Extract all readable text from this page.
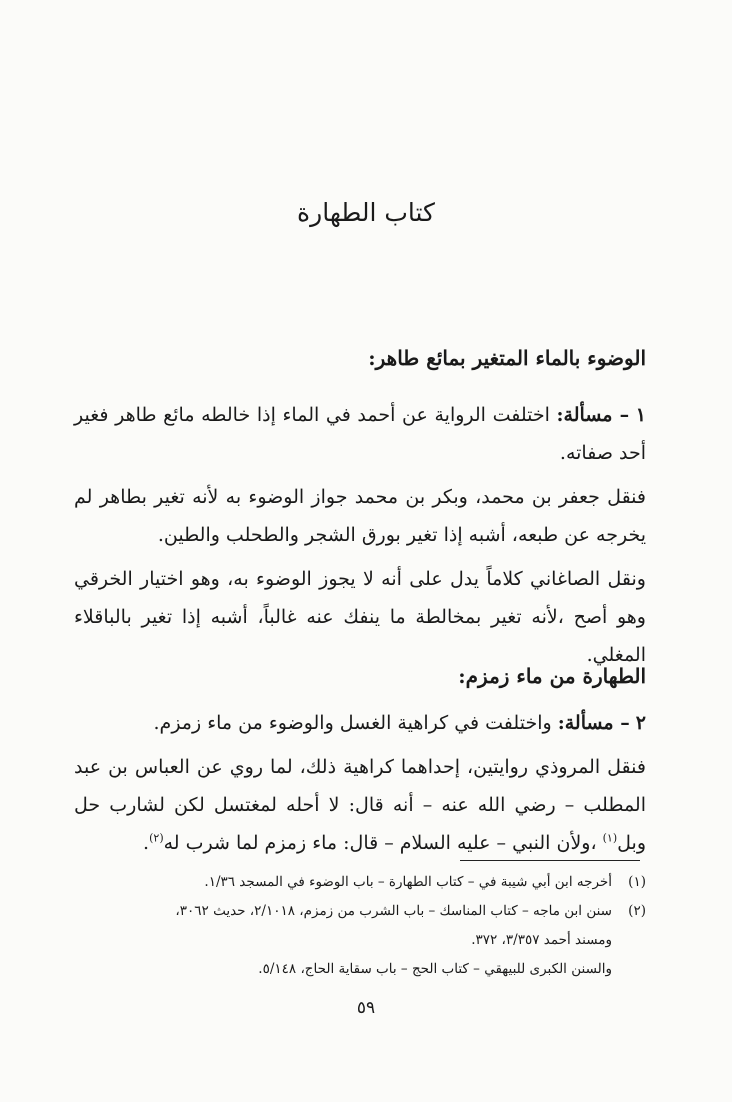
كتاب الطهارة
الوضوء بالماء المتغير بمائع طاهر:

١ – مسألة: اختلفت الرواية عن أحمد في الماء إذا خالطه مائع طاهر فغير أحد صفاته.

فنقل جعفر بن محمد، وبكر بن محمد جواز الوضوء به لأنه تغير بطاهر لم يخرجه عن طبعه، أشبه إذا تغير بورق الشجر والطحلب والطين.

ونقل الصاغاني كلاماً يدل على أنه لا يجوز الوضوء به، وهو اختيار الخرقي وهو أصح ،لأنه تغير بمخالطة ما ينفك عنه غالباً، أشبه إذا تغير بالباقلاء المغلي.

الطهارة من ماء زمزم:

٢ – مسألة: واختلفت في كراهية الغسل والوضوء من ماء زمزم.

فنقل المروذي روايتين، إحداهما كراهية ذلك، لما روي عن العباس بن عبد المطلب – رضي الله عنه – أنه قال: لا أحله لمغتسل لكن لشارب حل وبل$^{(١)}$ ،ولأن النبي – عليه السلام – قال: ماء زمزم لما شرب له$^{(٢)}$.

(١)
أخرجه ابن أبي شيبة في – كتاب الطهارة – باب الوضوء في المسجد ١/٣٦.

(٢)
سنن ابن ماجه – كتاب المناسك – باب الشرب من زمزم، ٢/١٠١٨، حديث ٣٠٦٢،

ومسند أحمد ٣/٣٥٧، ٣٧٢.

والسنن الكبرى للبيهقي – كتاب الحج – باب سقاية الحاج، ٥/١٤٨.

٥٩
